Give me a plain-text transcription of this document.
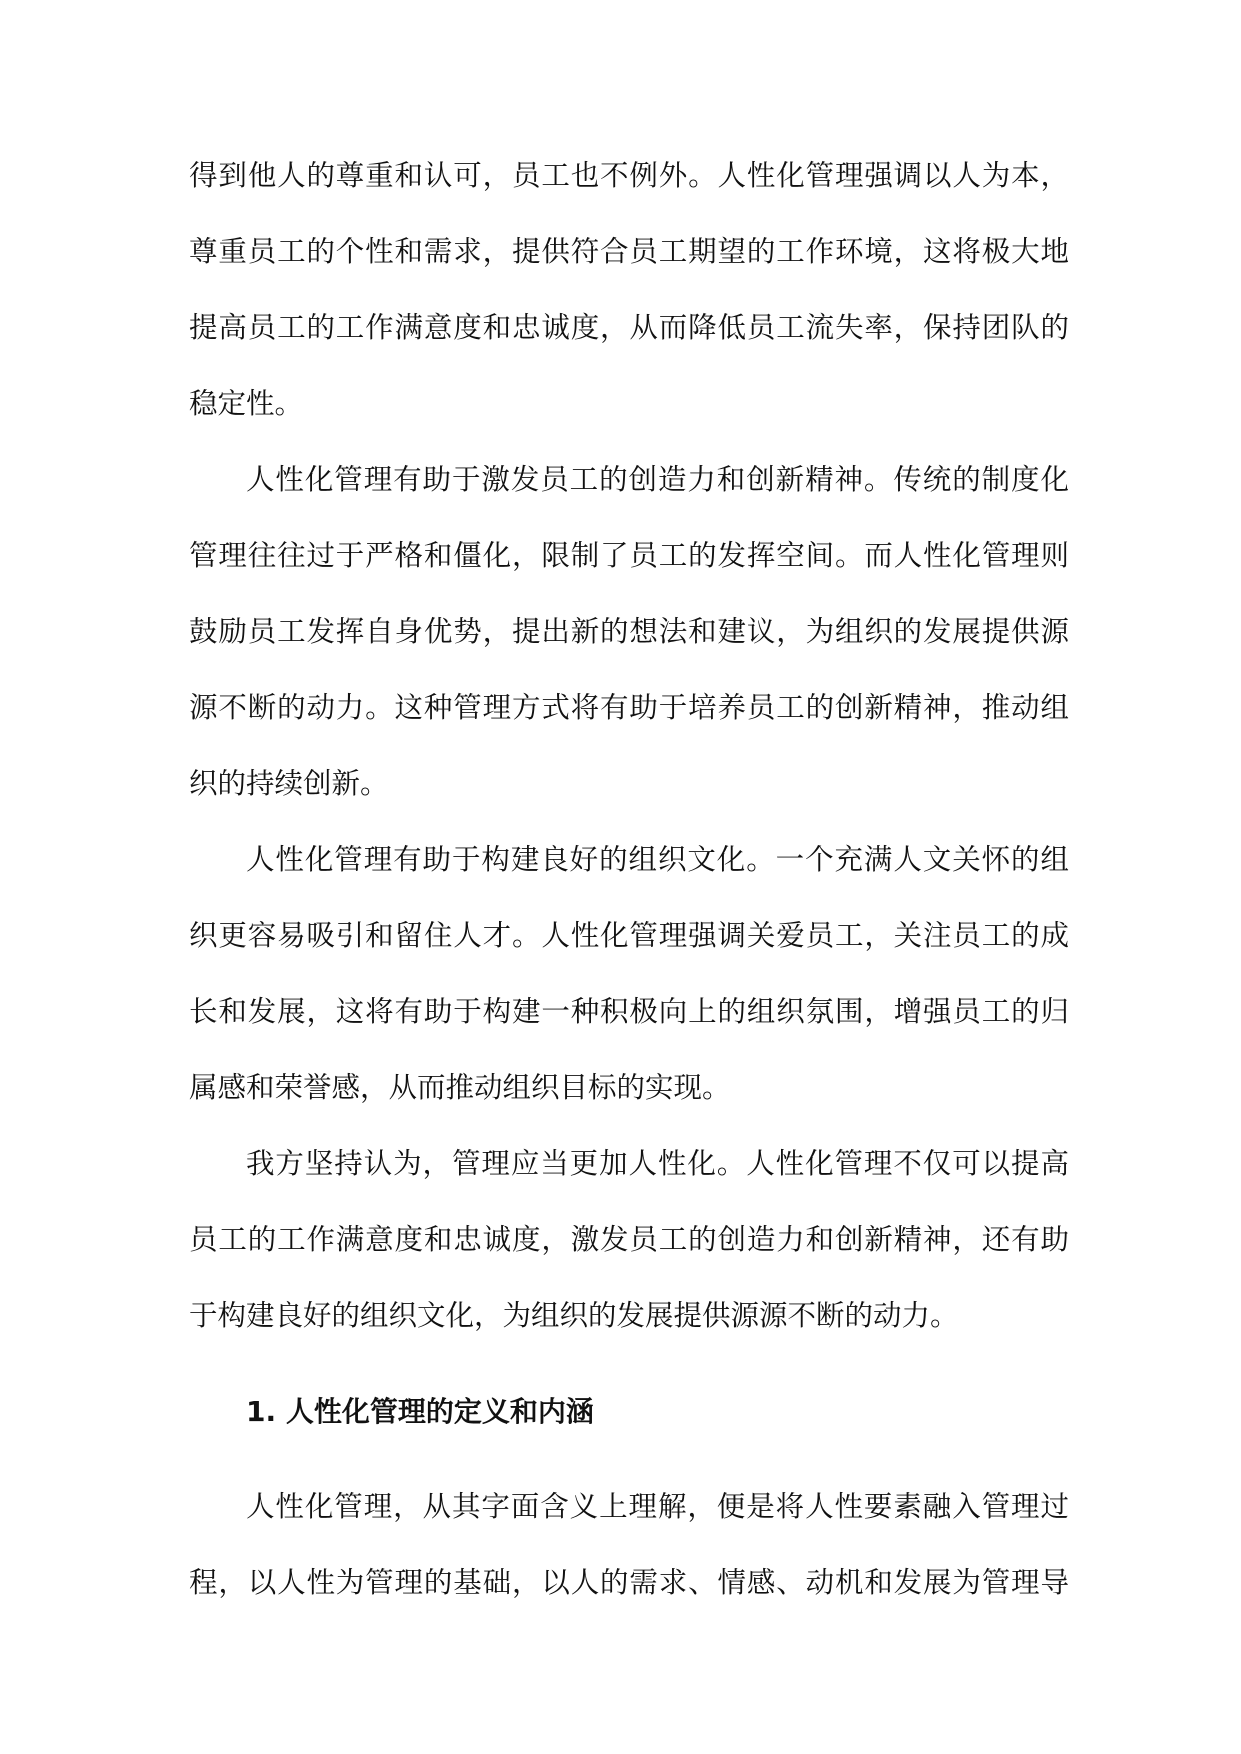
得到他人的尊重和认可，员工也不例外。人性化管理强调以人为本，
尊重员工的个性和需求，提供符合员工期望的工作环境，这将极大地
提高员工的工作满意度和忠诚度，从而降低员工流失率，保持团队的
稳定性。
人性化管理有助于激发员工的创造力和创新精神。传统的制度化
管理往往过于严格和僵化，限制了员工的发挥空间。而人性化管理则
鼓励员工发挥自身优势，提出新的想法和建议，为组织的发展提供源
源不断的动力。这种管理方式将有助于培养员工的创新精神，推动组
织的持续创新。
人性化管理有助于构建良好的组织文化。一个充满人文关怀的组
织更容易吸引和留住人才。人性化管理强调关爱员工，关注员工的成
长和发展，这将有助于构建一种积极向上的组织氛围，增强员工的归
属感和荣誉感，从而推动组织目标的实现。
我方坚持认为，管理应当更加人性化。人性化管理不仅可以提高
员工的工作满意度和忠诚度，激发员工的创造力和创新精神，还有助
于构建良好的组织文化，为组织的发展提供源源不断的动力。
1. 人性化管理的定义和内涵
人性化管理，从其字面含义上理解，便是将人性要素融入管理过
程，以人性为管理的基础，以人的需求、情感、动机和发展为管理导
